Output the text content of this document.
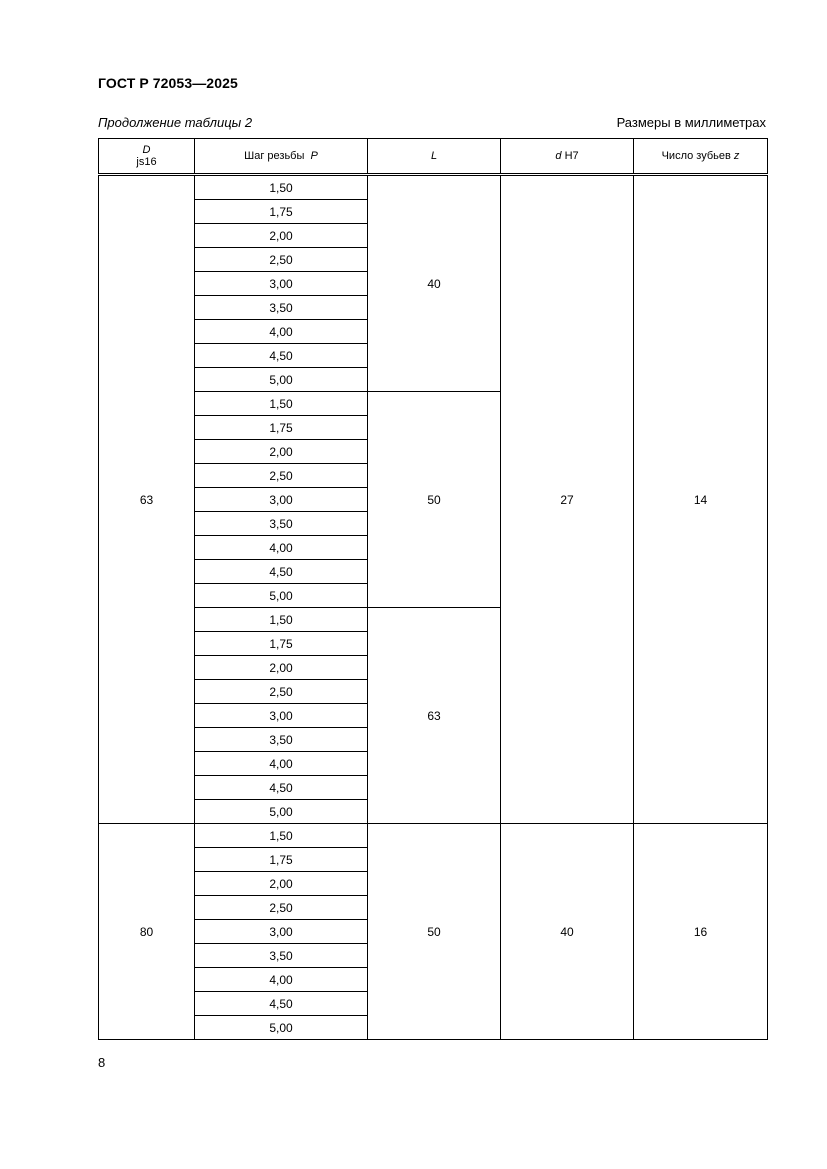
ГОСТ Р 72053—2025
Продолжение таблицы 2	Размеры в миллиметрах
D
js16	Шаг резьбы P	L	d H7	Число зубьев z
63	1,50	40	27	14
	1,75			
	2,00			
	2,50			
	3,00			
	3,50			
	4,00			
	4,50			
	5,00			
	1,50	50		
	1,75			
	2,00			
	2,50			
	3,00			
	3,50			
	4,00			
	4,50			
	5,00			
	1,50	63		
	1,75			
	2,00			
	2,50			
	3,00			
	3,50			
	4,00			
	4,50			
	5,00			
80	1,50	50	40	16
	1,75			
	2,00			
	2,50			
	3,00			
	3,50			
	4,00			
	4,50			
	5,00			
8
